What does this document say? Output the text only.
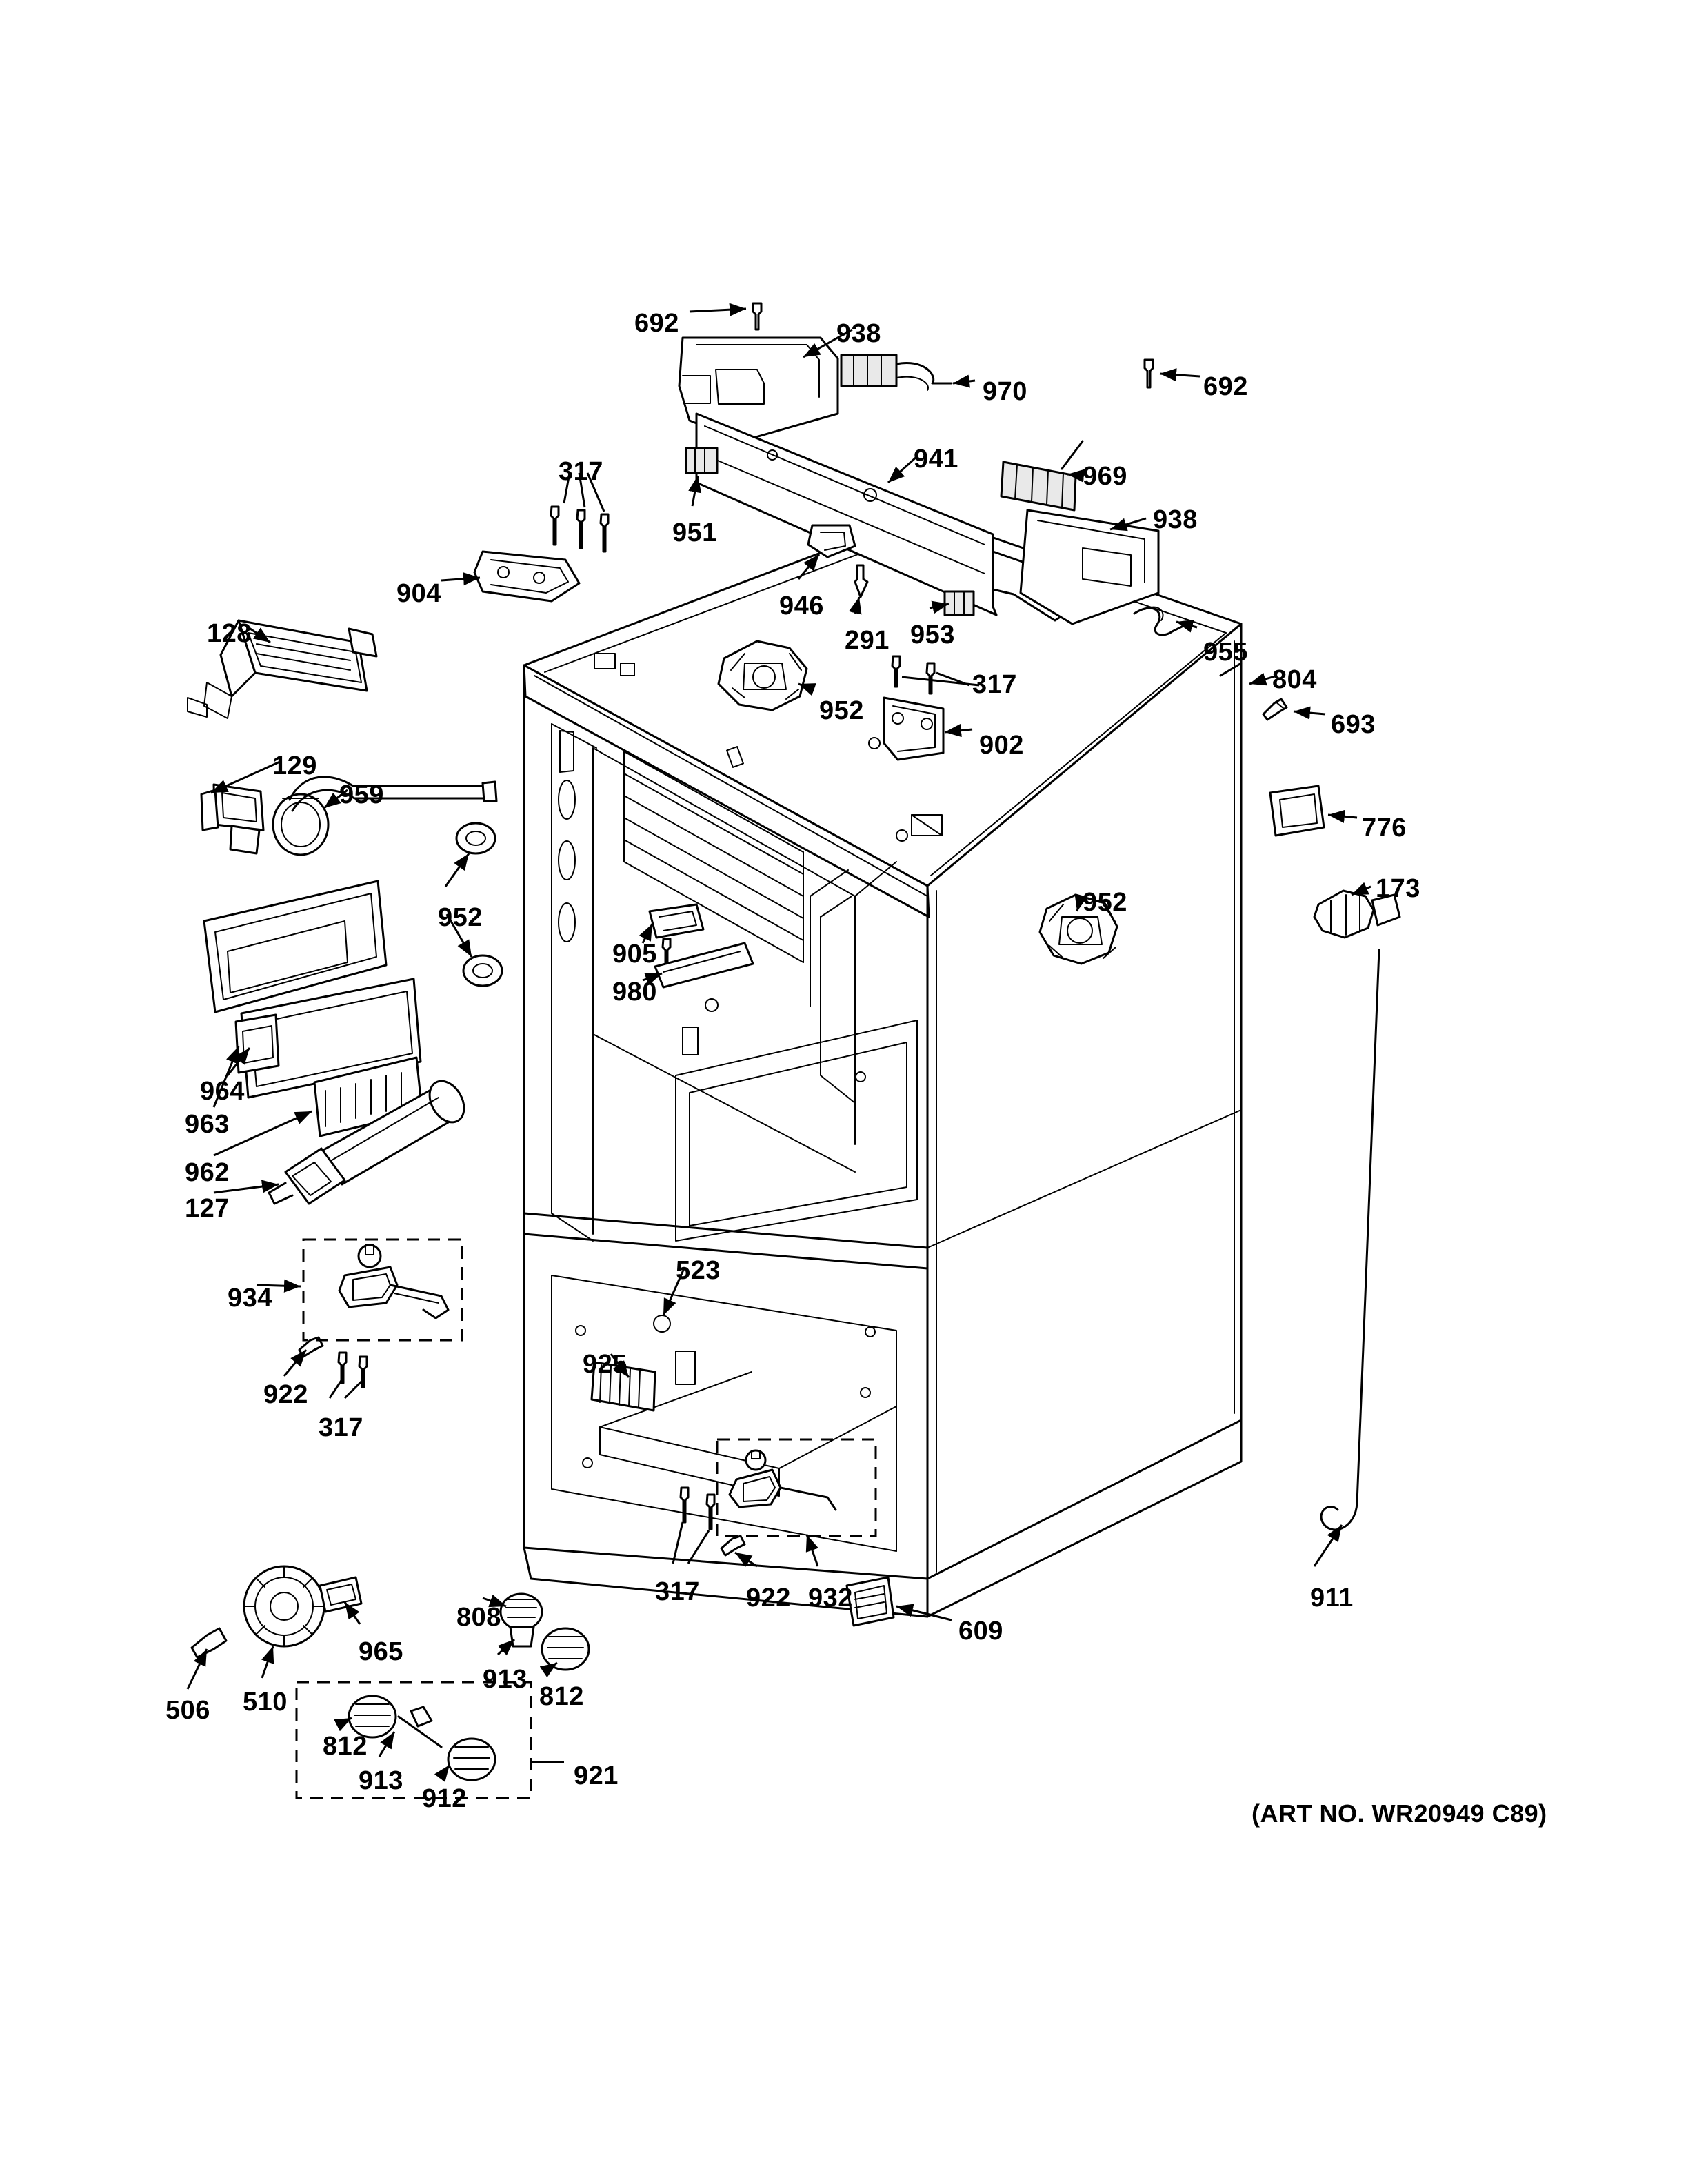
692	938
970	692
969
941
317
951	938
904	946
291 953
955
804
128
317
952
902
693
129
959
776
952
952	173
905
980
964
963
962
127
934
523
925
922
317
911
317 922 932
609
808
965
913
812
506 510
812
913
912
921
(ART NO. WR20949 C89)
